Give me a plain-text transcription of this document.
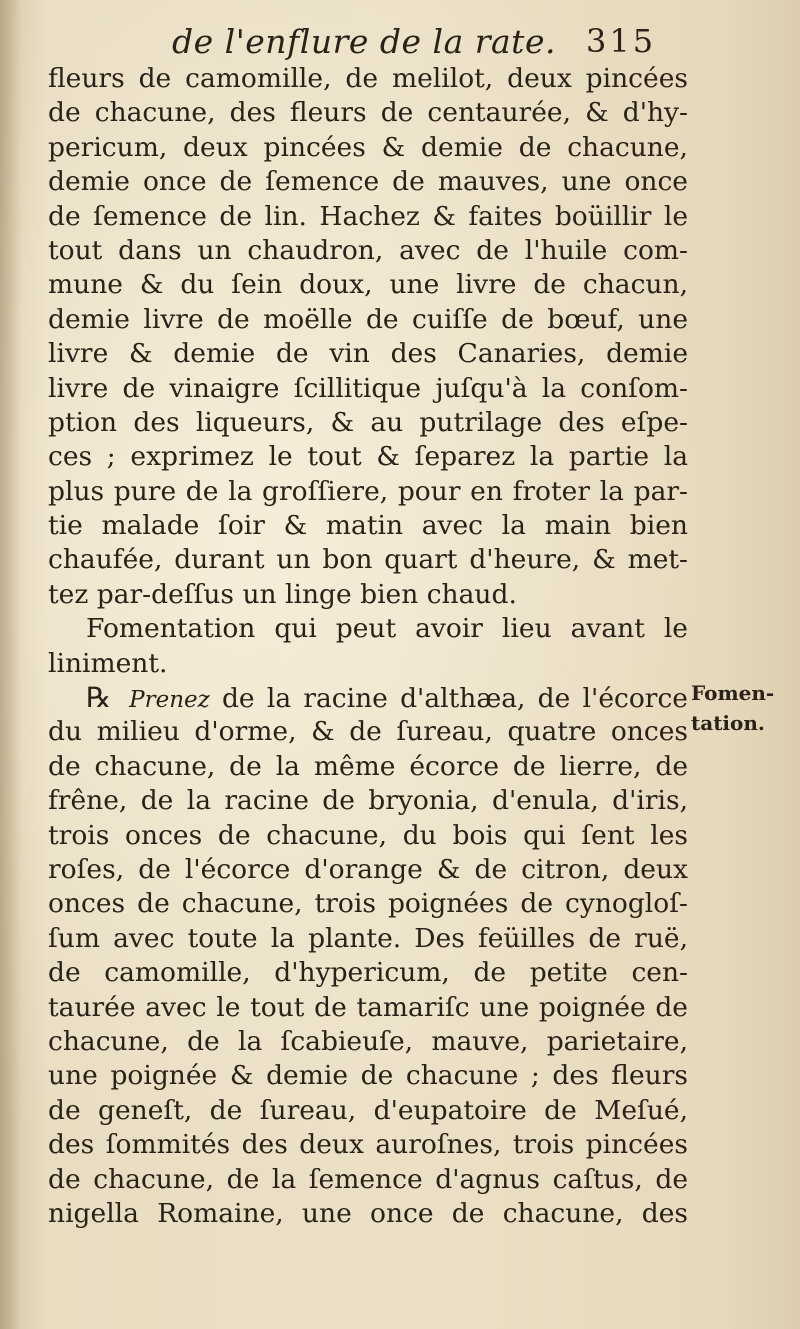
de l'enflure de la rate. 315
fleurs de camomille, de melilot, deux pincées
de chacune, des fleurs de centaurée, & d'hy-
pericum, deux pincées & demie de chacune,
demie once de ſemence de mauves, une once
de ſemence de lin. Hachez & faites boüillir le
tout dans un chaudron, avec de l'huile com-
mune & du ſein doux, une livre de chacun,
demie livre de moëlle de cuiſſe de bœuf, une
livre & demie de vin des Canaries, demie
livre de vinaigre ſcillitique juſqu'à la conſom-
ption des liqueurs, & au putrilage des eſpe-
ces ; exprimez le tout & ſeparez la partie la
plus pure de la groſſiere, pour en froter la par-
tie malade ſoir & matin avec la main bien
chaufée, durant un bon quart d'heure, & met-
tez par-deſſus un linge bien chaud.
Fomentation qui peut avoir lieu avant le
liniment.
℞ Prenez de la racine d'althæa, de l'écorce
du milieu d'orme, & de ſureau, quatre onces
de chacune, de la même écorce de lierre, de
frêne, de la racine de bryonia, d'enula, d'iris,
trois onces de chacune, du bois qui ſent les
roſes, de l'écorce d'orange & de citron, deux
onces de chacune, trois poignées de cynogloſ-
ſum avec toute la plante. Des feüilles de ruë,
de camomille, d'hypericum, de petite cen-
taurée avec le tout de tamariſc une poignée de
chacune, de la ſcabieuſe, mauve, parietaire,
une poignée & demie de chacune ; des fleurs
de geneſt, de ſureau, d'eupatoire de Meſué,
des ſommités des deux auroſnes, trois pincées
de chacune, de la ſemence d'agnus caſtus, de
nigella Romaine, une once de chacune, des
Fomen-
tation.
